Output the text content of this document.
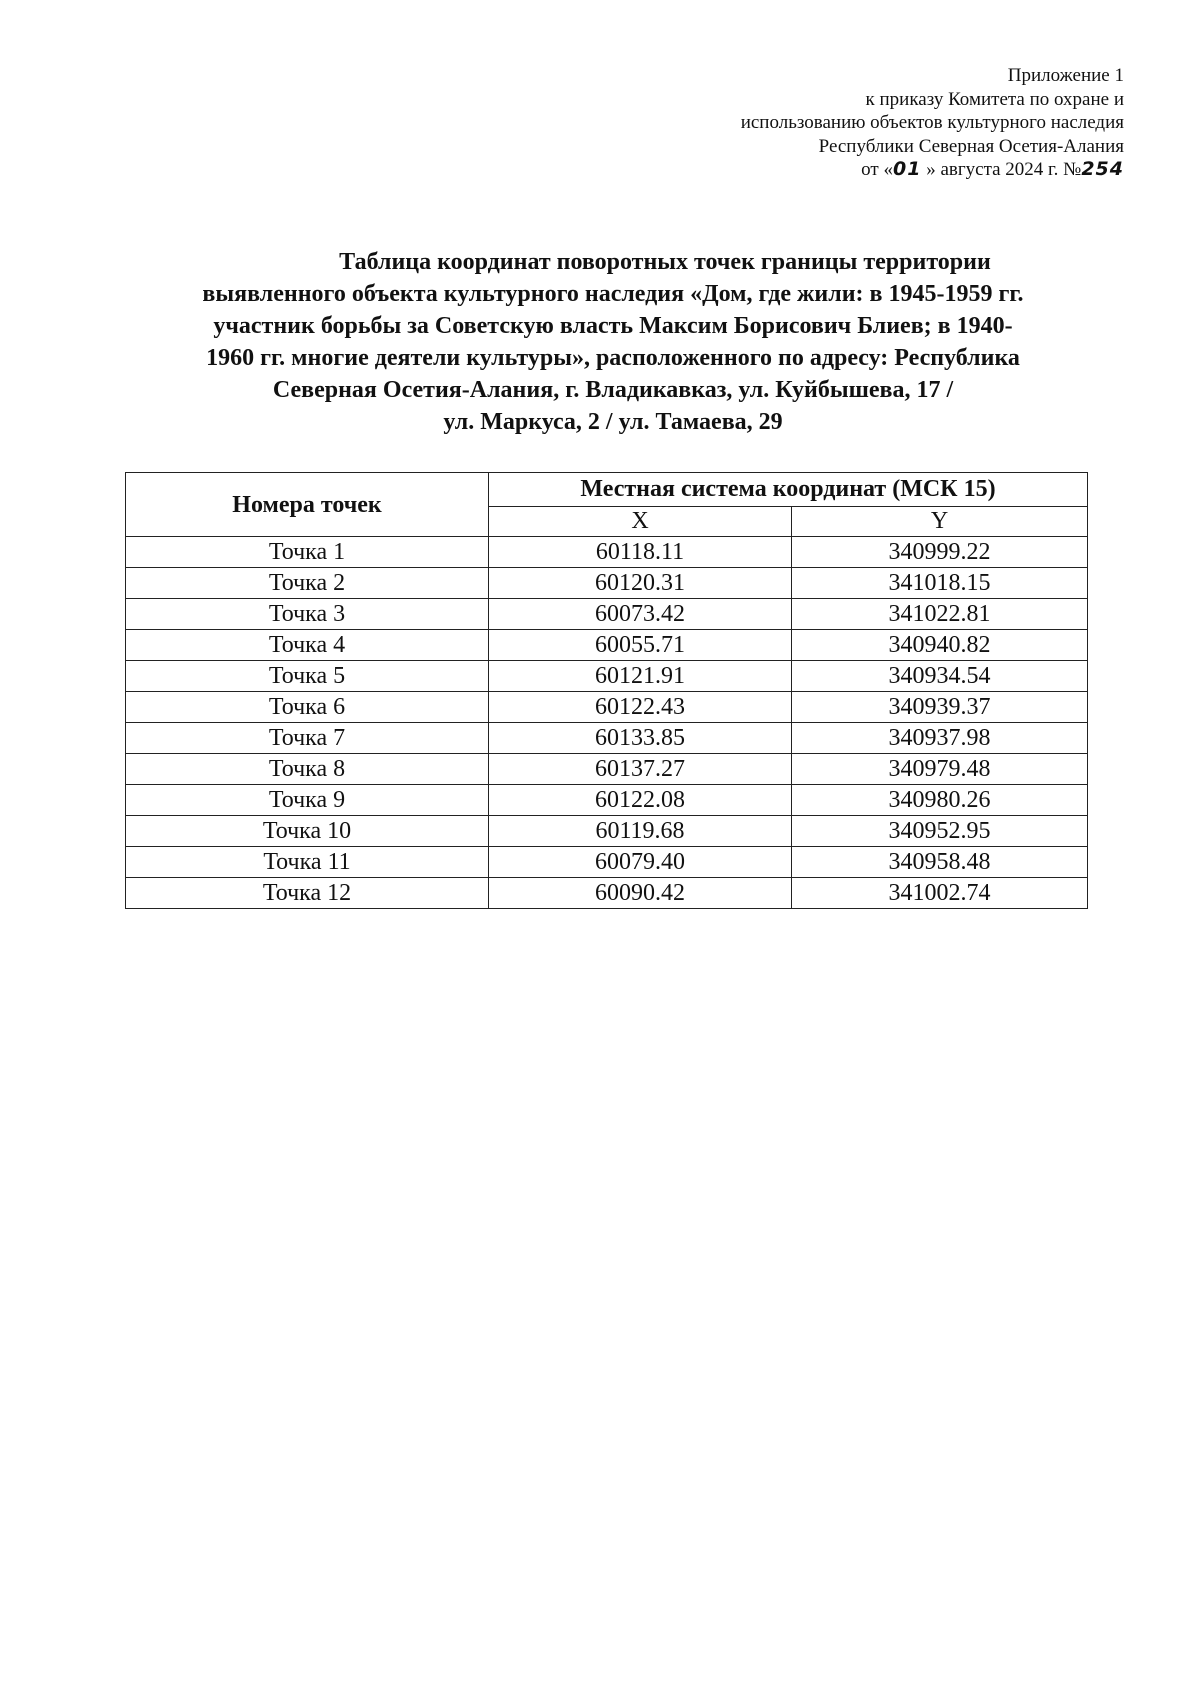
Приложение 1
к приказу Комитета по охране и
использованию объектов культурного наследия
Республики Северная Осетия-Алания
от «01 » августа 2024 г. №254
Таблица координат поворотных точек границы территории
выявленного объекта культурного наследия «Дом, где жили: в 1945-1959 гг.
участник борьбы за Советскую власть Максим Борисович Блиев; в 1940-
1960 гг. многие деятели культуры», расположенного по адресу: Республика
Северная Осетия-Алания, г. Владикавказ, ул. Куйбышева, 17 /
ул. Маркуса, 2 / ул. Тамаева, 29
Номера точек	Местная система координат (МСК 15)	
	X	Y
Точка 1	60118.11	340999.22
Точка 2	60120.31	341018.15
Точка 3	60073.42	341022.81
Точка 4	60055.71	340940.82
Точка 5	60121.91	340934.54
Точка 6	60122.43	340939.37
Точка 7	60133.85	340937.98
Точка 8	60137.27	340979.48
Точка 9	60122.08	340980.26
Точка 10	60119.68	340952.95
Точка 11	60079.40	340958.48
Точка 12	60090.42	341002.74
